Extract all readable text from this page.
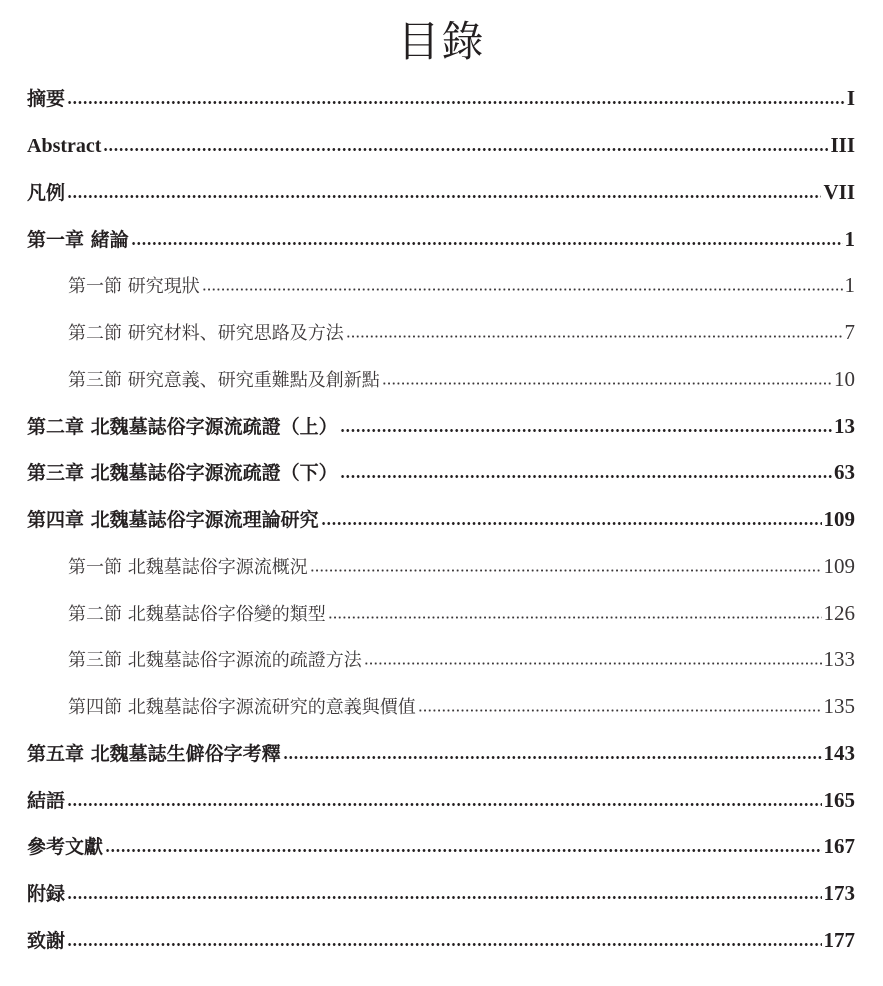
目錄
摘要	I
Abstract	III
凡例	VII
第一章 緒論	1
第一節 研究現狀	1
第二節 研究材料、研究思路及方法	7
第三節 研究意義、研究重難點及創新點	10
第二章 北魏墓誌俗字源流疏證（上）	13
第三章 北魏墓誌俗字源流疏證（下）	63
第四章 北魏墓誌俗字源流理論研究	109
第一節 北魏墓誌俗字源流概況	109
第二節 北魏墓誌俗字俗變的類型	126
第三節 北魏墓誌俗字源流的疏證方法	133
第四節 北魏墓誌俗字源流研究的意義與價值	135
第五章 北魏墓誌生僻俗字考釋	143
結語	165
參考文獻	167
附録	173
致謝	177
